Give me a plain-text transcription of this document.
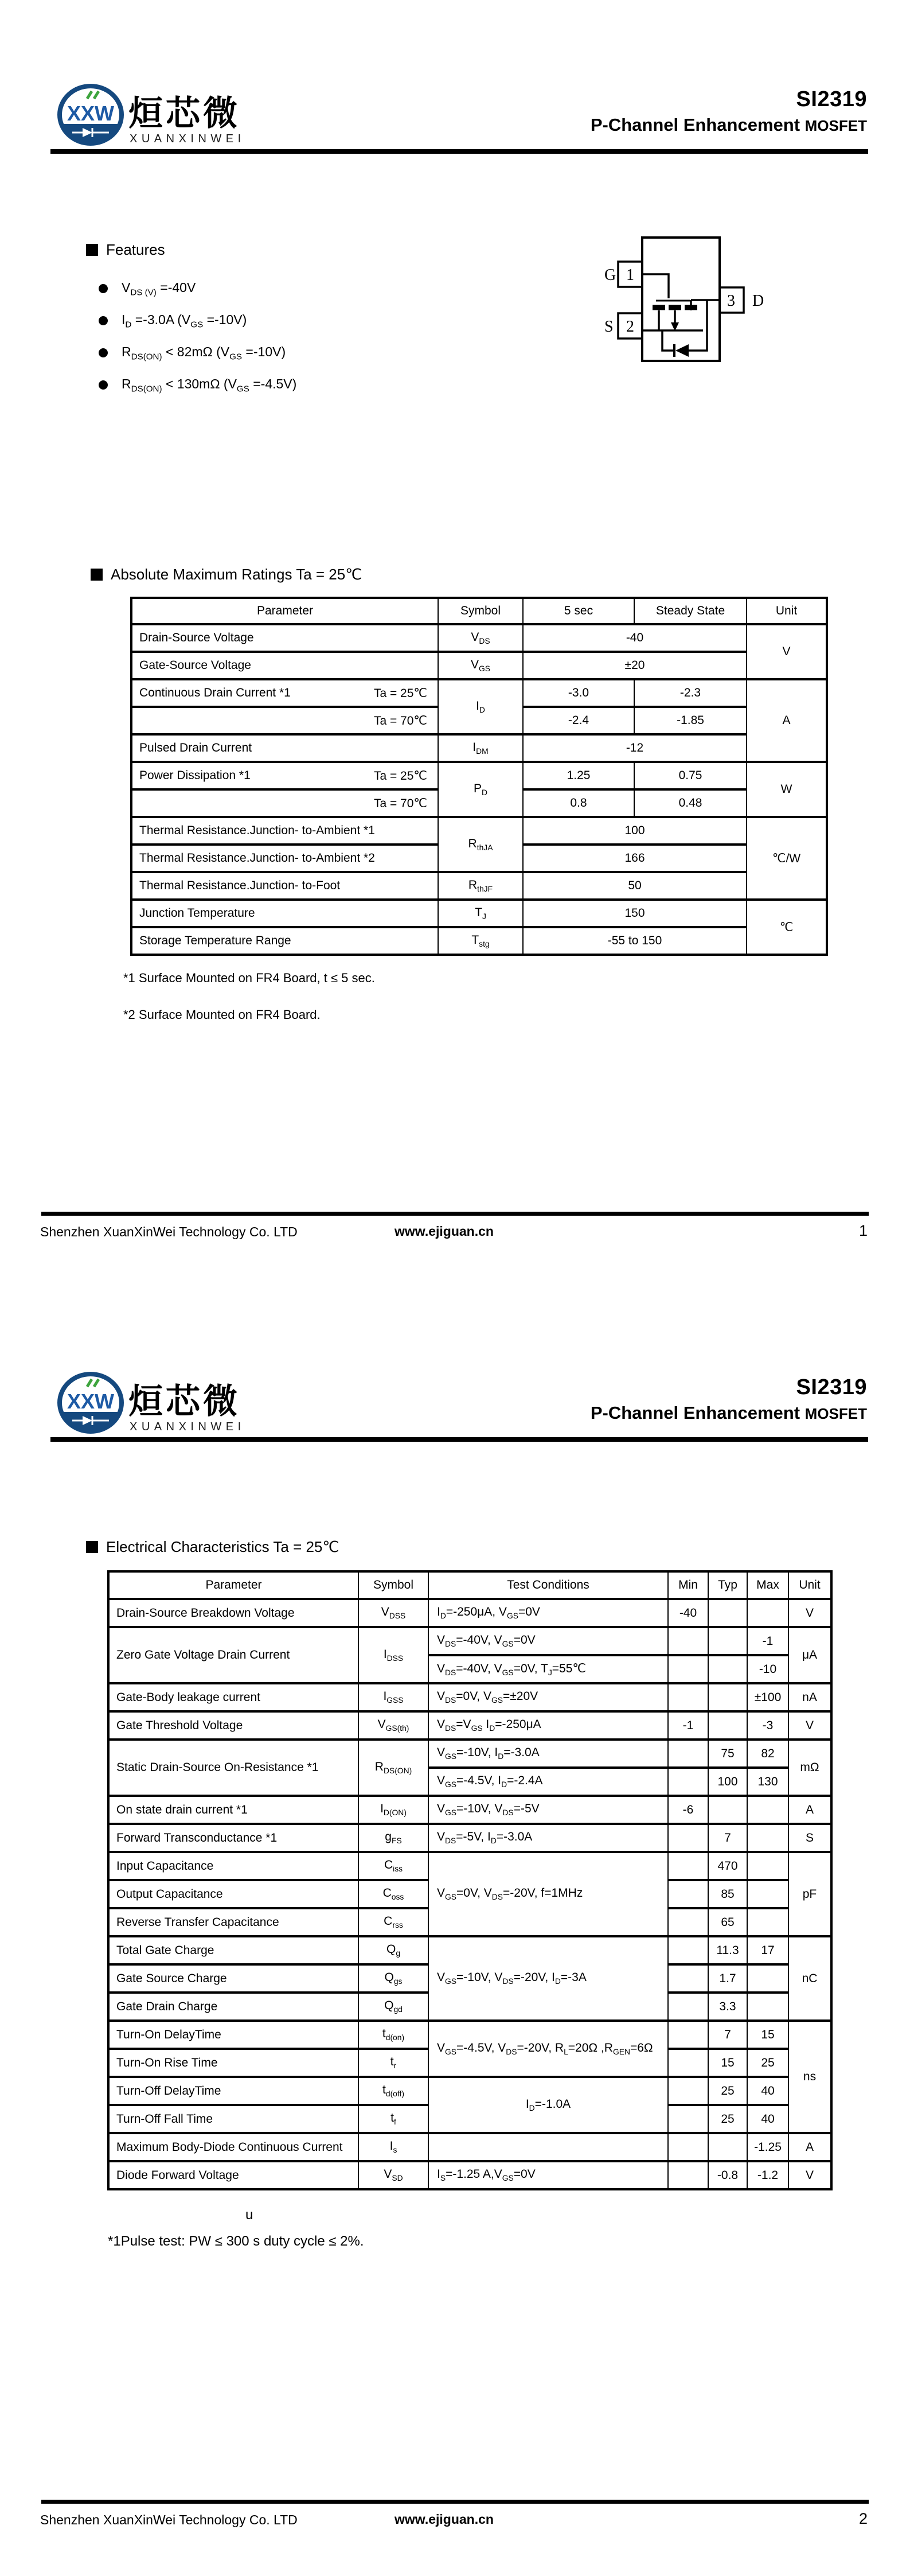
XXW 烜芯微
XUANXINWEI
SI2319
P-Channel Enhancement MOSFET
Features
$V_{DS (V)} =-40V$
$I_D =-3.0A$ $(V_{GS} =-10V)$
$R_{DS(ON)} < 82m\Omega$ $(V_{GS} =-10V)$
$R_{DS(ON)} < 130m\Omega$ $(V_{GS} =-4.5V)$
G
S
D
1
2
3
Absolute Maximum Ratings Ta = 25℃
Parameter	Symbol	5 sec	Steady State	Unit
Drain-Source Voltage	$V_{DS}$	-40		V
Gate-Source Voltage	$V_{GS}$	±20		

Continuous Drain Current *1 Ta = 25℃	$I_D$	-3.0	-2.3	A
Ta = 70℃		-2.4	-1.85	
Pulsed Drain Current	$I_{DM}$	-12		

Power Dissipation *1 Ta = 25℃	$P_D$	1.25	0.75	W
Ta = 70℃		0.8	0.48	
Thermal Resistance.Junction- to-Ambient *1	$R_{thJA}$	100		℃/W
Thermal Resistance.Junction- to-Ambient *2		166		
Thermal Resistance.Junction- to-Foot	$R_{thJF}$	50		
Junction Temperature	$T_J$	150		℃
Storage Temperature Range	$T_{stg}$	-55 to 150		
*1 Surface Mounted on FR4 Board, t ≤ 5 sec.
*2 Surface Mounted on FR4 Board.
Shenzhen XuanXinWei Technology Co. LTD	www.ejiguan.cn	1
XXW 烜芯微
XUANXINWEI
SI2319
P-Channel Enhancement MOSFET
Electrical Characteristics Ta = 25℃
Parameter	Symbol	Test Conditions	Min	Typ	Max	Unit
Drain-Source Breakdown Voltage	$V_{DSS}$	$I_D=-250\mu A$, $V_{GS}=0V$	-40			V
Zero Gate Voltage Drain Current	$I_{DSS}$	$V_{DS}=-40V$, $V_{GS}=0V$			-1	μA
		$V_{DS}=-40V$, $V_{GS}=0V$, $T_J=55℃$			-10	
Gate-Body leakage current	$I_{GSS}$	$V_{DS}=0V$, $V_{GS}=\pm 20V$			±100	nA
Gate Threshold Voltage	$V_{GS(th)}$	$V_{DS}=V_{GS}$ $I_D=-250\mu A$	-1		-3	V
Static Drain-Source On-Resistance *1	$R_{DS(ON)}$	$V_{GS}=-10V$, $I_D=-3.0A$		75	82	mΩ
		$V_{GS}=-4.5V$, $I_D=-2.4A$		100	130	
On state drain current *1	$I_{D(ON)}$	$V_{GS}=-10V$, $V_{DS}=-5V$	-6			A
Forward Transconductance *1	$g_{FS}$	$V_{DS}=-5V$, $I_D=-3.0A$		7		S
Input Capacitance	$C_{iss}$	$V_{GS}=0V$, $V_{DS}=-20V$, f=1MHz		470		pF
Output Capacitance	$C_{oss}$			85		
Reverse Transfer Capacitance	$C_{rss}$			65		
Total Gate Charge	$Q_g$	$V_{GS}=-10V$, $V_{DS}=-20V$, $I_D=-3A$		11.3	17	nC
Gate Source Charge	$Q_{gs}$			1.7		
Gate Drain Charge	$Q_{gd}$			3.3		
Turn-On DelayTime	$t_{d(on)}$	$V_{GS}=-4.5V$, $V_{DS}=-20V$, $R_L=20\Omega$ $,R_{GEN}=6\Omega$		7	15	ns
Turn-On Rise Time	$t_r$			15	25	
Turn-Off DelayTime	$t_{d(off)}$	$I_D=-1.0A$		25	40	
Turn-Off Fall Time	$t_f$			25	40	
Maximum Body-Diode Continuous Current	$I_s$				-1.25	A
Diode Forward Voltage	$V_{SD}$	$I_S=-1.25$ $A,V_{GS}=0V$		-0.8	-1.2	V
u
*1Pulse test: PW ≤ 300 s duty cycle ≤ 2%.
Shenzhen XuanXinWei Technology Co. LTD	www.ejiguan.cn	2
